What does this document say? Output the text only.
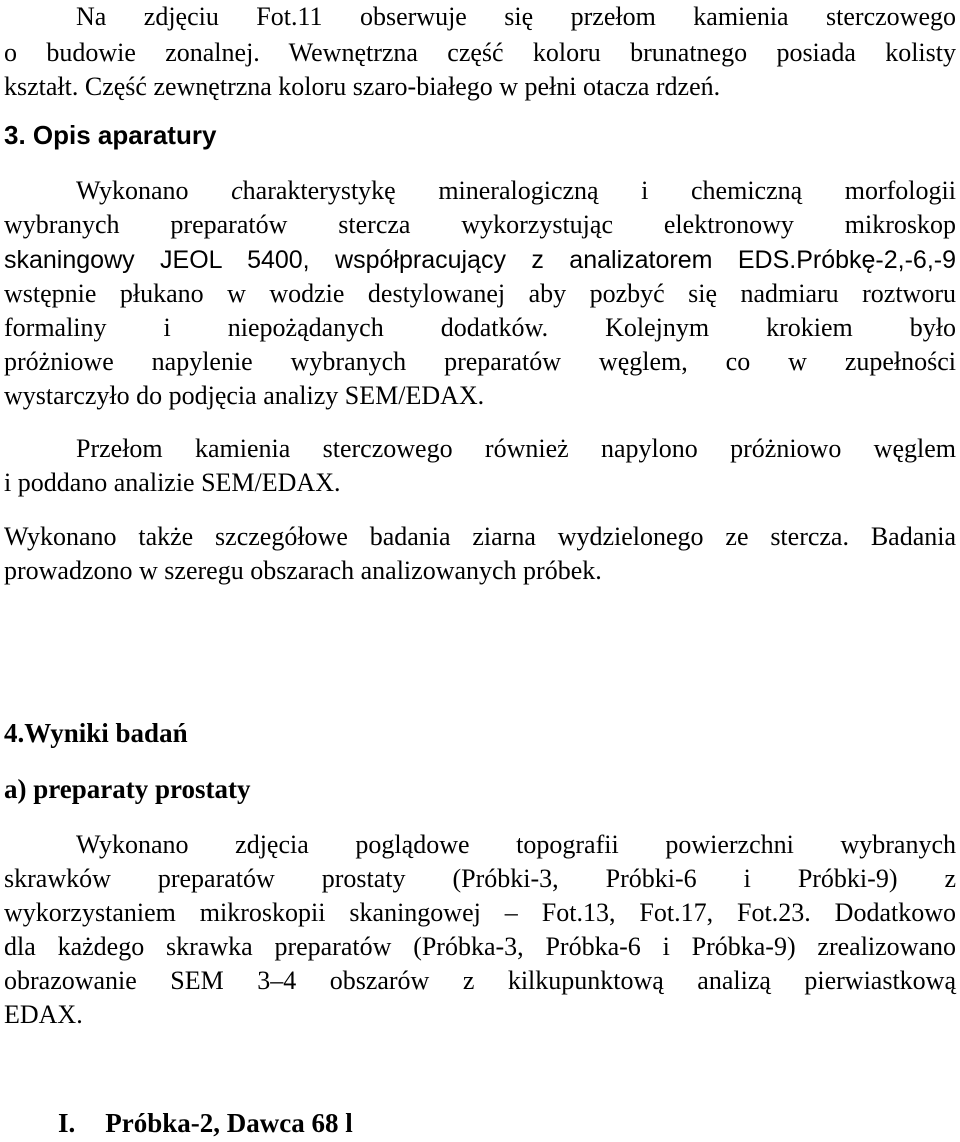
Na zdjęciu Fot.11 obserwuje się przełom kamienia sterczowego
o budowie zonalnej. Wewnętrzna część koloru brunatnego posiada kolisty
kształt. Część zewnętrzna koloru szaro-białego w pełni otacza rdzeń.
3. Opis aparatury
Wykonano charakterystykę mineralogiczną i chemiczną morfologii
wybranych preparatów stercza wykorzystując elektronowy mikroskop
skaningowy JEOL 5400, współpracujący z analizatorem EDS.Próbkę-2,-6,-9
wstępnie płukano w wodzie destylowanej aby pozbyć się nadmiaru roztworu
formaliny i niepożądanych dodatków. Kolejnym krokiem było
próżniowe napylenie wybranych preparatów węglem, co w zupełności
wystarczyło do podjęcia analizy SEM/EDAX.
Przełom kamienia sterczowego również napylono próżniowo węglem
i poddano analizie SEM/EDAX.
Wykonano także szczegółowe badania ziarna wydzielonego ze stercza. Badania
prowadzono w szeregu obszarach analizowanych próbek.
4.Wyniki badań
a) preparaty prostaty
Wykonano zdjęcia poglądowe topografii powierzchni wybranych
skrawków preparatów prostaty (Próbki-3, Próbki-6 i Próbki-9) z
wykorzystaniem mikroskopii skaningowej – Fot.13, Fot.17, Fot.23. Dodatkowo
dla każdego skrawka preparatów (Próbka-3, Próbka-6 i Próbka-9) zrealizowano
obrazowanie SEM 3–4 obszarów z kilkupunktową analizą pierwiastkową
EDAX.
I. Próbka-2, Dawca 68 l
